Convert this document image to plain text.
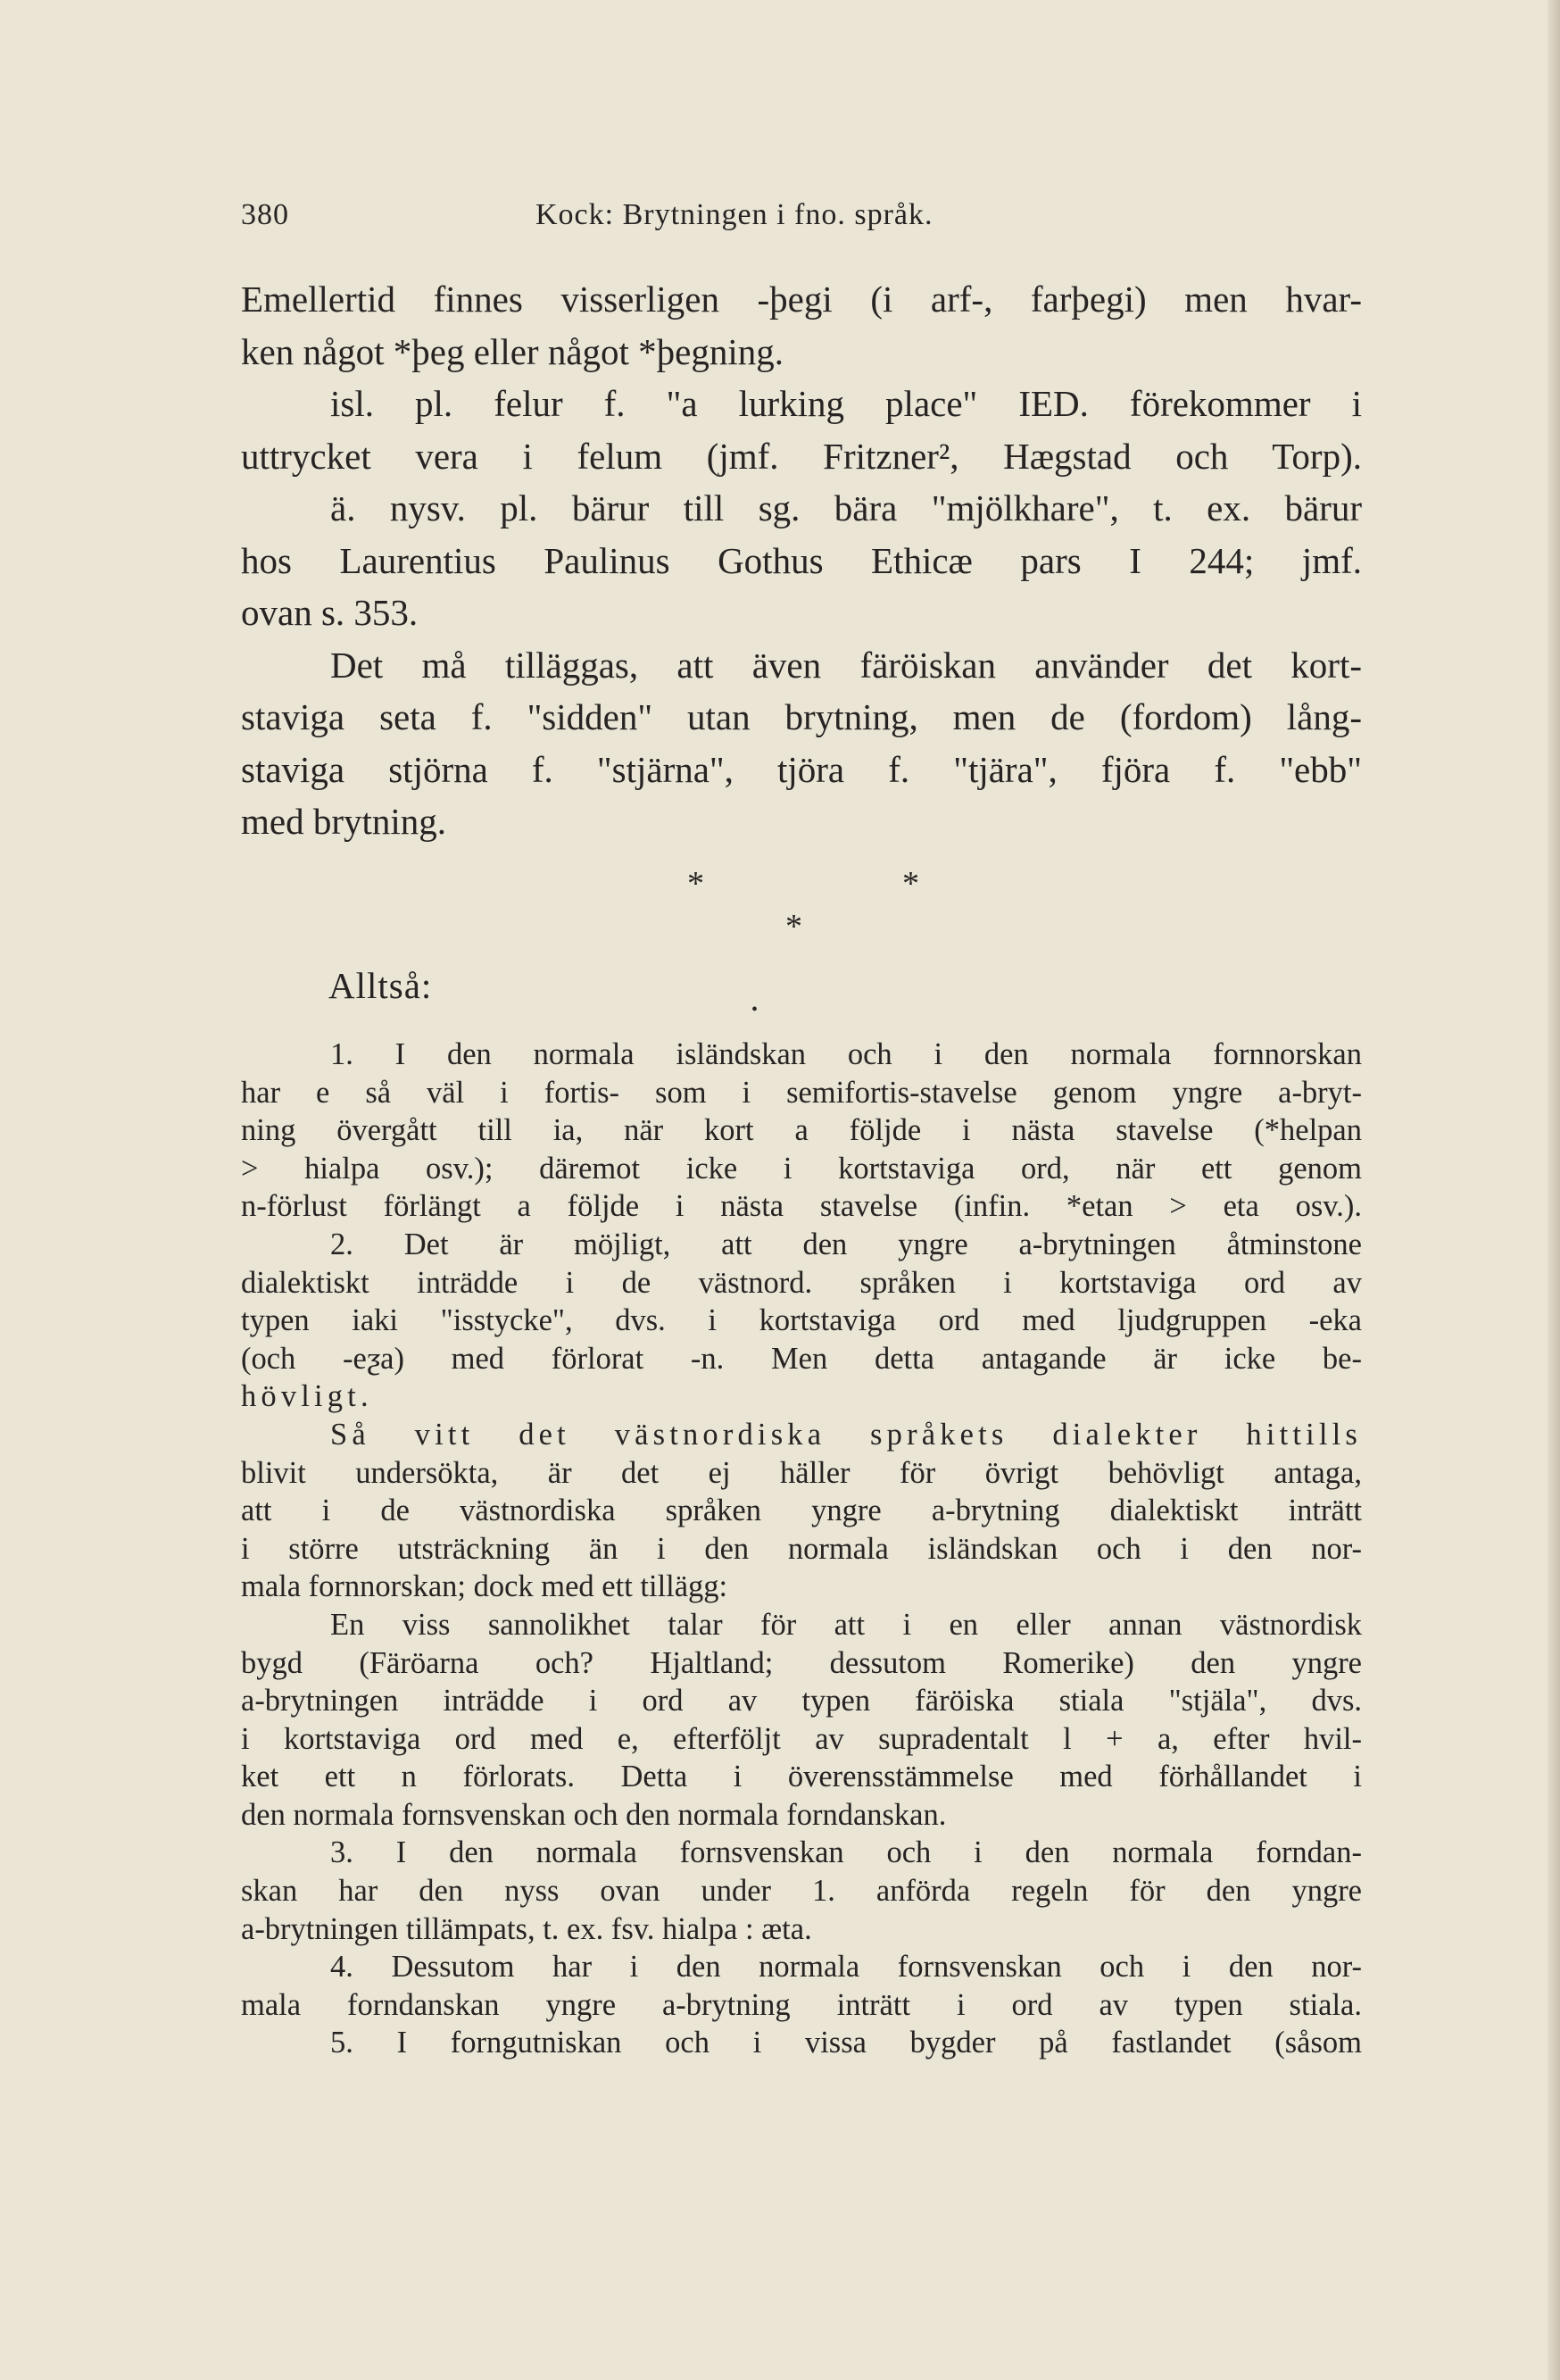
380	Kock: Brytningen i fno. språk.
Emellertid finnes visserligen -þegi (i arf-, farþegi) men hvar-
ken något *þeg eller något *þegning.
isl. pl. felur f. "a lurking place" IED. förekommer i
uttrycket vera i felum (jmf. Fritzner², Hægstad och Torp).
ä. nysv. pl. bärur till sg. bära "mjölkhare", t. ex. bärur
hos Laurentius Paulinus Gothus Ethicæ pars I 244; jmf.
ovan s. 353.
Det må tilläggas, att även färöiskan använder det kort-
staviga seta f. "sidden" utan brytning, men de (fordom) lång-
staviga stjörna f. "stjärna", tjöra f. "tjära", fjöra f. "ebb"
med brytning.
*	*
*
Alltså:
•
1. I den normala isländskan och i den normala fornnorskan
har e så väl i fortis- som i semifortis-stavelse genom yngre a-bryt-
ning övergått till ia, när kort a följde i nästa stavelse (*helpan
> hialpa osv.); däremot icke i kortstaviga ord, när ett genom
n-förlust förlängt a följde i nästa stavelse (infin. *etan > eta osv.).
2. Det är möjligt, att den yngre a-brytningen åtminstone
dialektiskt inträdde i de västnord. språken i kortstaviga ord av
typen iaki "isstycke", dvs. i kortstaviga ord med ljudgruppen -eka
(och -eƺa) med förlorat -n. Men detta antagande är icke be-
hövligt.
Så vitt det västnordiska språkets dialekter hittills
blivit undersökta, är det ej häller för övrigt behövligt antaga,
att i de västnordiska språken yngre a-brytning dialektiskt inträtt
i större utsträckning än i den normala isländskan och i den nor-
mala fornnorskan; dock med ett tillägg:
En viss sannolikhet talar för att i en eller annan västnordisk
bygd (Färöarna och? Hjaltland; dessutom Romerike) den yngre
a-brytningen inträdde i ord av typen färöiska stiala "stjäla", dvs.
i kortstaviga ord med e, efterföljt av supradentalt l + a, efter hvil-
ket ett n förlorats. Detta i överensstämmelse med förhållandet i
den normala fornsvenskan och den normala forndanskan.
3. I den normala fornsvenskan och i den normala forndan-
skan har den nyss ovan under 1. anförda regeln för den yngre
a-brytningen tillämpats, t. ex. fsv. hialpa : æta.
4. Dessutom har i den normala fornsvenskan och i den nor-
mala forndanskan yngre a-brytning inträtt i ord av typen stiala.
5. I forngutniskan och i vissa bygder på fastlandet (såsom
